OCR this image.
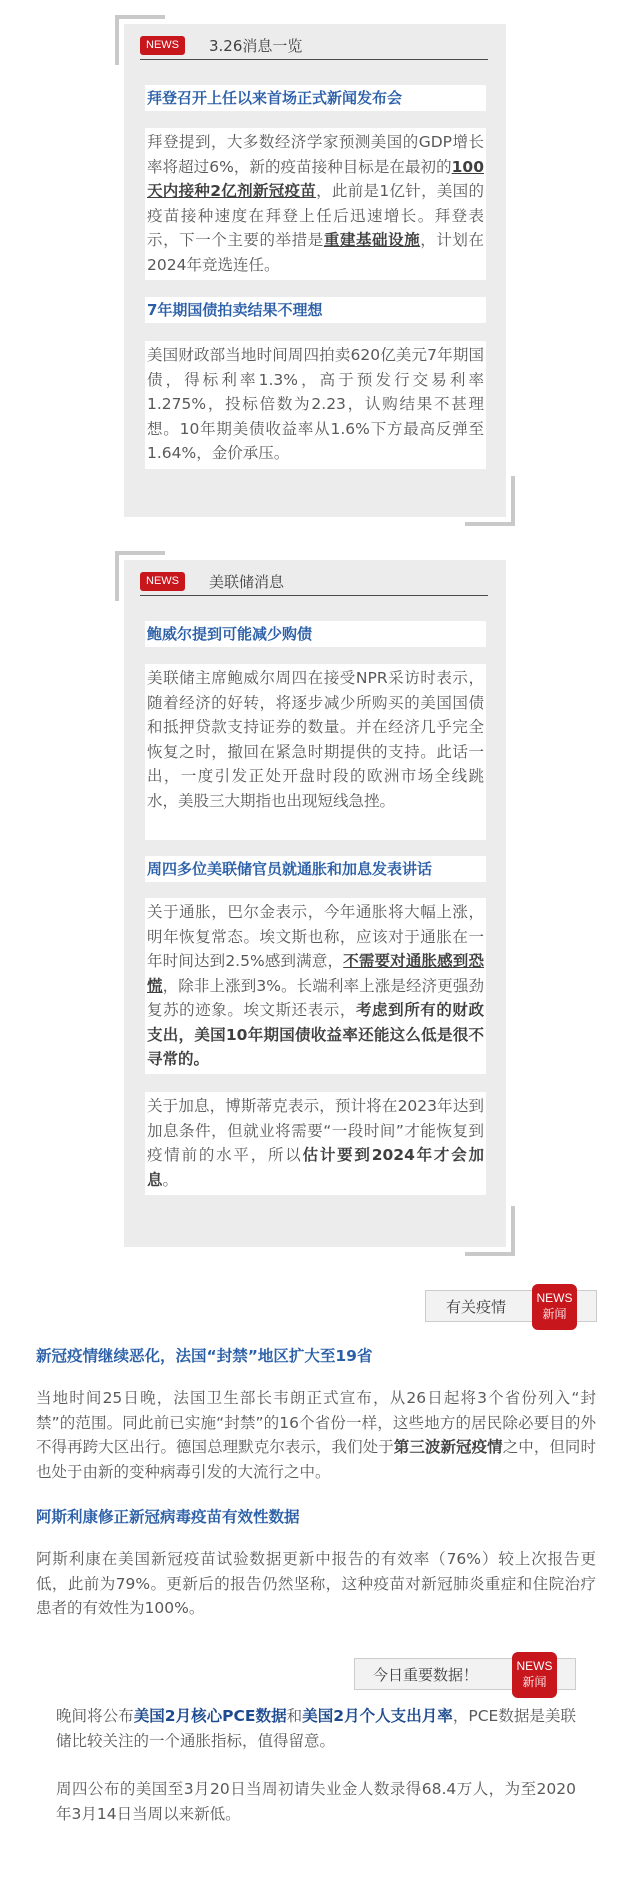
NEWS	3.26消息一览
拜登召开上任以来首场正式新闻发布会
拜登提到，大多数经济学家预测美国的GDP增长率将超过6%，新的疫苗接种目标是在最初的100天内接种2亿剂新冠疫苗，此前是1亿针，美国的疫苗接种速度在拜登上任后迅速增长。拜登表示，下一个主要的举措是重建基础设施，计划在2024年竞选连任。
7年期国债拍卖结果不理想
美国财政部当地时间周四拍卖620亿美元7年期国债，得标利率1.3%，高于预发行交易利率1.275%，投标倍数为2.23，认购结果不甚理想。10年期美债收益率从1.6%下方最高反弹至1.64%，金价承压。
NEWS	美联储消息
鲍威尔提到可能减少购债
美联储主席鲍威尔周四在接受NPR采访时表示，随着经济的好转，将逐步减少所购买的美国国债和抵押贷款支持证券的数量。并在经济几乎完全恢复之时，撤回在紧急时期提供的支持。此话一出，一度引发正处开盘时段的欧洲市场全线跳水，美股三大期指也出现短线急挫。
周四多位美联储官员就通胀和加息发表讲话
关于通胀，巴尔金表示，今年通胀将大幅上涨，明年恢复常态。埃文斯也称，应该对于通胀在一年时间达到2.5%感到满意，不需要对通胀感到恐慌，除非上涨到3%。长端利率上涨是经济更强劲复苏的迹象。埃文斯还表示，考虑到所有的财政支出，美国10年期国债收益率还能这么低是很不寻常的。
关于加息，博斯蒂克表示，预计将在2023年达到加息条件，但就业将需要“一段时间”才能恢复到疫情前的水平，所以估计要到2024年才会加息。
有关疫情	NEWS
新闻
新冠疫情继续恶化，法国“封禁”地区扩大至19省
当地时间25日晚，法国卫生部长韦朗正式宣布，从26日起将3个省份列入“封禁”的范围。同此前已实施“封禁”的16个省份一样，这些地方的居民除必要目的外不得再跨大区出行。德国总理默克尔表示，我们处于第三波新冠疫情之中，但同时也处于由新的变种病毒引发的大流行之中。
阿斯利康修正新冠病毒疫苗有效性数据
阿斯利康在美国新冠疫苗试验数据更新中报告的有效率（76%）较上次报告更低，此前为79%。更新后的报告仍然坚称，这种疫苗对新冠肺炎重症和住院治疗患者的有效性为100%。
今日重要数据！	NEWS
新闻
晚间将公布美国2月核心PCE数据和美国2月个人支出月率，PCE数据是美联储比较关注的一个通胀指标，值得留意。
周四公布的美国至3月20日当周初请失业金人数录得68.4万人，为至2020年3月14日当周以来新低。
